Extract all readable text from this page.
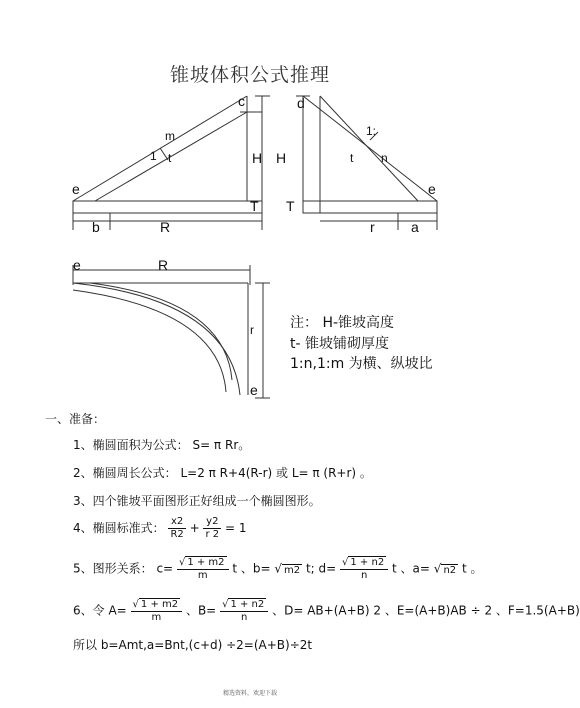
锥坡体积公式推理
c
m
1 t	H
e
T
b	R
d
1:
t n
H
e
T
r	a
e	R
r
e
注： H-锥坡高度
t- 锥坡铺砌厚度
1:n,1:m 为横、纵坡比
一、准备：
1、椭圆面积为公式： S= π Rr。
2、椭圆周长公式： L=2 π R+4(R-r) 或 L= π (R+r) 。
3、四个锥坡平面图形正好组成一个椭圆图形。
4、椭圆标准式： $\frac{x2}{R2} + \frac{y2}{r 2} = 1$
5、图形关系： $c= \frac{√ 1 + m2}{m}$ t 、b= √ m2 t; $d= \frac{√ 1 + n2}{n}$ t 、a= √ n2 t 。
6、令 $A= \frac{√ 1 + m2}{m}$ 、$B= \frac{√ 1 + n2}{n}$ 、D= AB+(A+B) 2 、E=(A+B)AB ÷ 2 、F=1.5(A+B)
所以 b=Amt,a=Bnt,(c+d) ÷2=(A+B)÷2t
精选资料，欢迎下载
